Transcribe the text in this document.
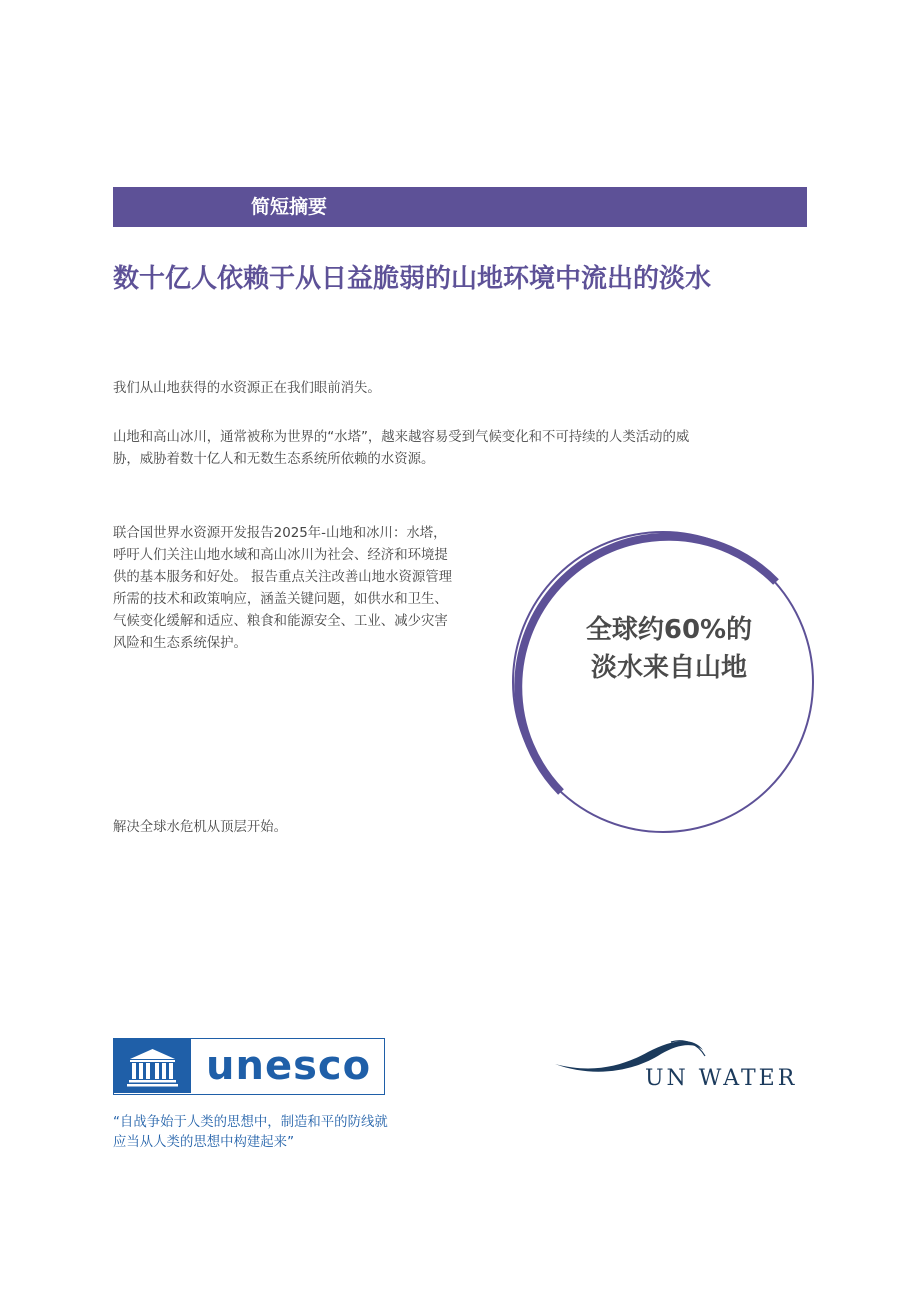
简短摘要
数十亿人依赖于从日益脆弱的山地环境中流出的淡水
我们从山地获得的水资源正在我们眼前消失。
山地和高山冰川，通常被称为世界的“水塔”，越来越容易受到气候变化和不可持续的人类活动的威胁，威胁着数十亿人和无数生态系统所依赖的水资源。
联合国世界水资源开发报告2025年-山地和冰川：水塔，呼吁人们关注山地水域和高山冰川为社会、经济和环境提供的基本服务和好处。 报告重点关注改善山地水资源管理所需的技术和政策响应，涵盖关键问题，如供水和卫生、气候变化缓解和适应、粮食和能源安全、工业、减少灾害风险和生态系统保护。
解决全球水危机从顶层开始。
全球约60%的
淡水来自山地
unesco
“自战争始于人类的思想中，制造和平的防线就应当从人类的思想中构建起来”
UN WATER
